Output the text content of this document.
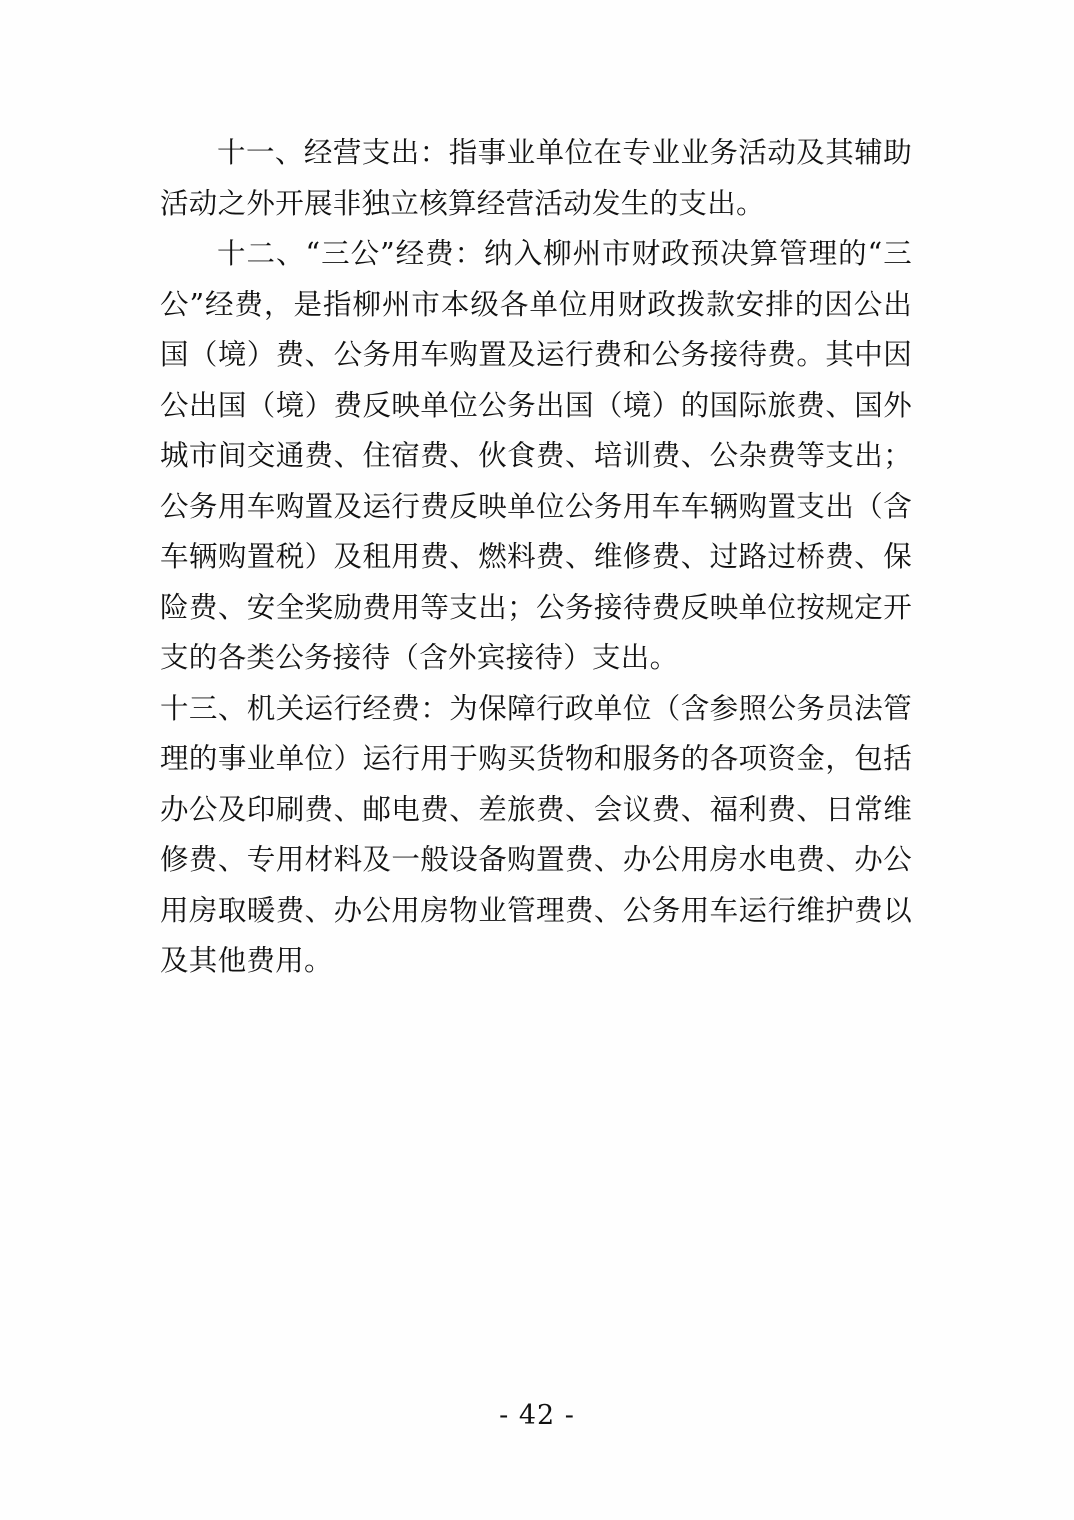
十一、经营支出：指事业单位在专业业务活动及其辅助活动之外开展非独立核算经营活动发生的支出。

十二、“三公”经费：纳入柳州市财政预决算管理的“三公”经费，是指柳州市本级各单位用财政拨款安排的因公出国（境）费、公务用车购置及运行费和公务接待费。其中因公出国（境）费反映单位公务出国（境）的国际旅费、国外城市间交通费、住宿费、伙食费、培训费、公杂费等支出；公务用车购置及运行费反映单位公务用车车辆购置支出（含车辆购置税）及租用费、燃料费、维修费、过路过桥费、保险费、安全奖励费用等支出；公务接待费反映单位按规定开支的各类公务接待（含外宾接待）支出。

十三、机关运行经费：为保障行政单位（含参照公务员法管理的事业单位）运行用于购买货物和服务的各项资金，包括办公及印刷费、邮电费、差旅费、会议费、福利费、日常维修费、专用材料及一般设备购置费、办公用房水电费、办公用房取暖费、办公用房物业管理费、公务用车运行维护费以及其他费用。

- 42 -
